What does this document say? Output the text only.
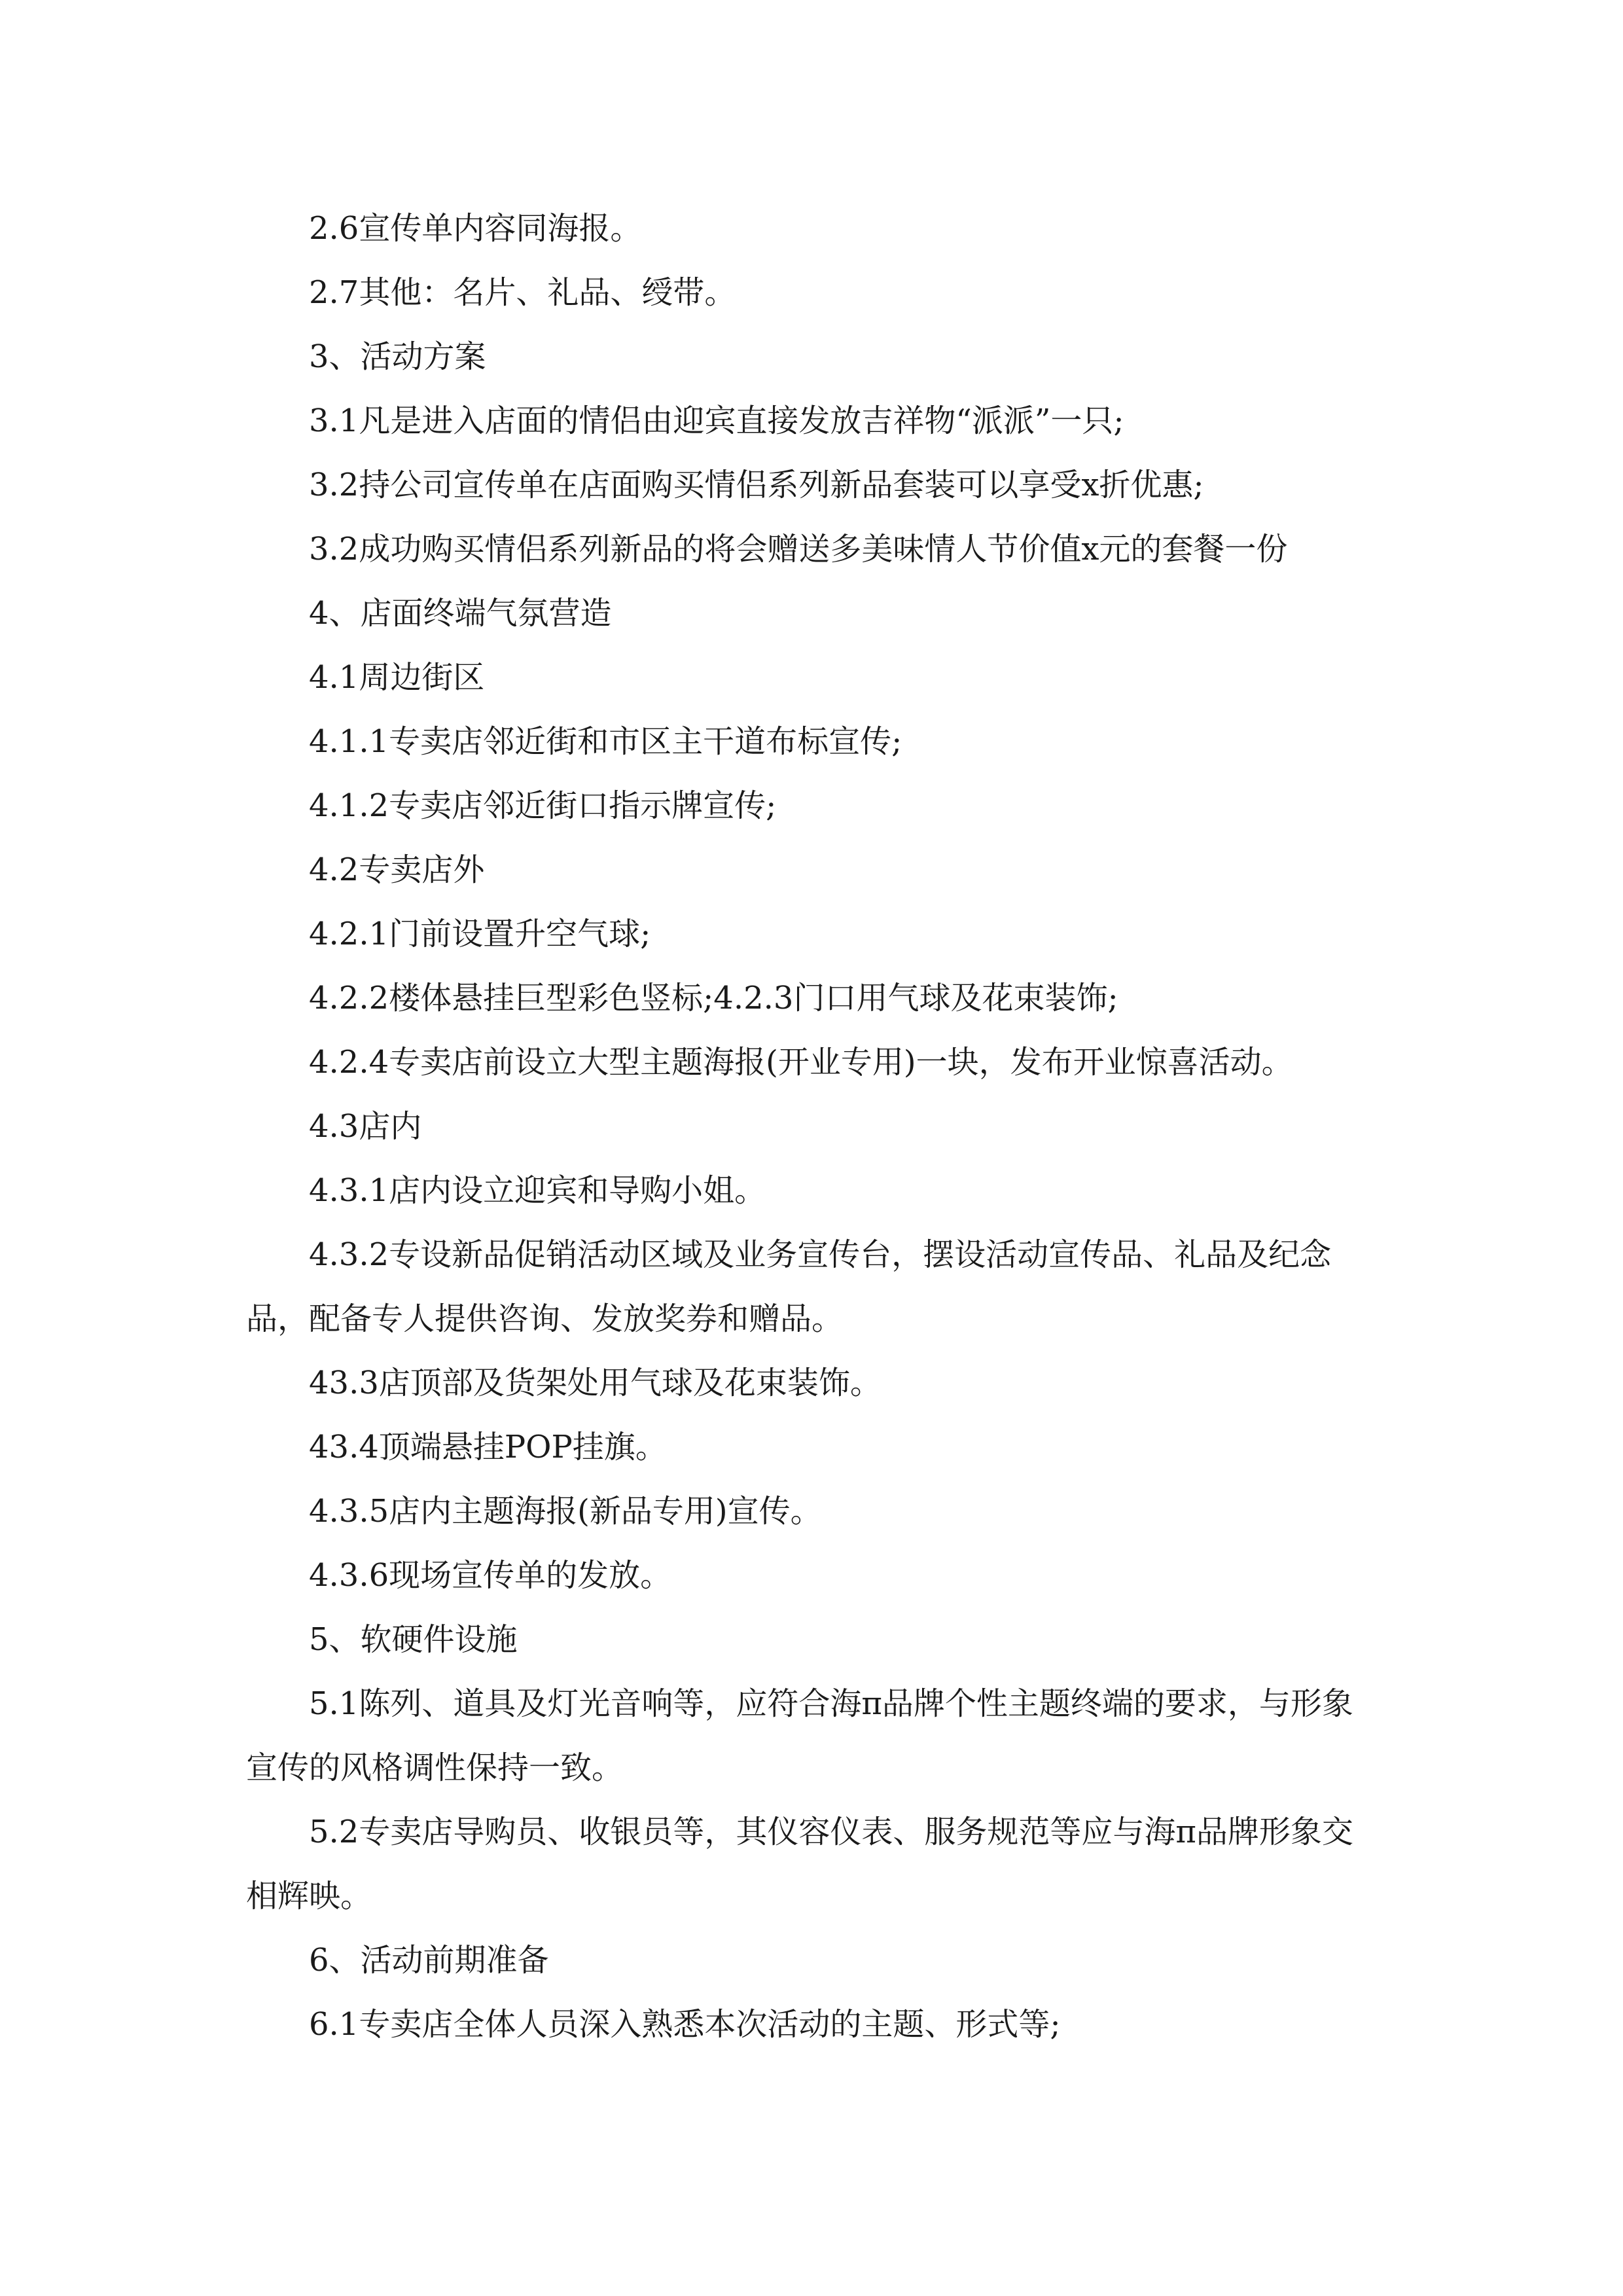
2.6宣传单内容同海报。

2.7其他：名片、礼品、绶带。

3、活动方案

3.1凡是进入店面的情侣由迎宾直接发放吉祥物“派派”一只;

3.2持公司宣传单在店面购买情侣系列新品套装可以享受x折优惠;

3.2成功购买情侣系列新品的将会赠送多美味情人节价值x元的套餐一份

4、店面终端气氛营造

4.1周边街区

4.1.1专卖店邻近街和市区主干道布标宣传;

4.1.2专卖店邻近街口指示牌宣传;

4.2专卖店外

4.2.1门前设置升空气球;

4.2.2楼体悬挂巨型彩色竖标;4.2.3门口用气球及花束装饰;

4.2.4专卖店前设立大型主题海报(开业专用)一块，发布开业惊喜活动。

4.3店内

4.3.1店内设立迎宾和导购小姐。

4.3.2专设新品促销活动区域及业务宣传台，摆设活动宣传品、礼品及纪念品，配备专人提供咨询、发放奖券和赠品。

43.3店顶部及货架处用气球及花束装饰。

43.4顶端悬挂POP挂旗。

4.3.5店内主题海报(新品专用)宣传。

4.3.6现场宣传单的发放。

5、软硬件设施

5.1陈列、道具及灯光音响等，应符合海π品牌个性主题终端的要求，与形象宣传的风格调性保持一致。

5.2专卖店导购员、收银员等，其仪容仪表、服务规范等应与海π品牌形象交相辉映。

6、活动前期准备

6.1专卖店全体人员深入熟悉本次活动的主题、形式等;
